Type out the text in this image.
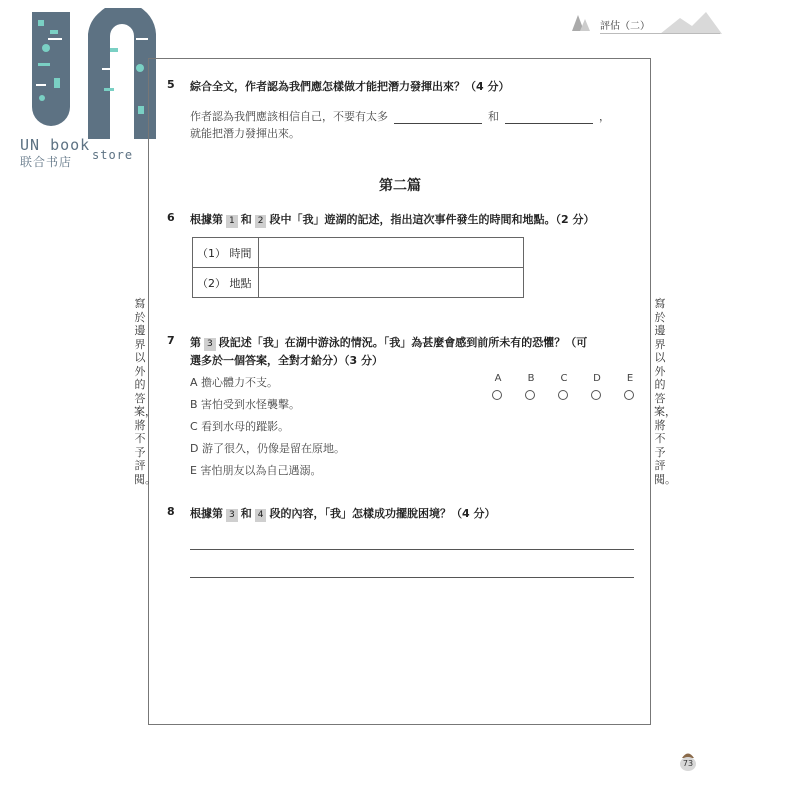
UN book
store
联合书店
評估（二）
寫於邊界以外的答案，將不予評閱。
寫於邊界以外的答案，將不予評閱。
5 綜合全文，作者認為我們應怎樣做才能把潛力發揮出來？（4 分）
作者認為我們應該相信自己，不要有太多	和	，
就能把潛力發揮出來。
第二篇
6 根據第 1 和 2 段中「我」遊湖的記述，指出這次事件發生的時間和地點。（2 分）
（1） 時間	
（2） 地點	
7 第 3 段記述「我」在湖中游泳的情況。「我」為甚麼會感到前所未有的恐懼？（可
選多於一個答案，全對才給分）（3 分）
A 擔心體力不支。
B 害怕受到水怪襲擊。
C 看到水母的蹤影。
D 游了很久，仍像是留在原地。
E 害怕朋友以為自己遇溺。
A	B	C	D	E
8 根據第 3 和 4 段的內容，「我」怎樣成功擺脫困境？（4 分）
73
